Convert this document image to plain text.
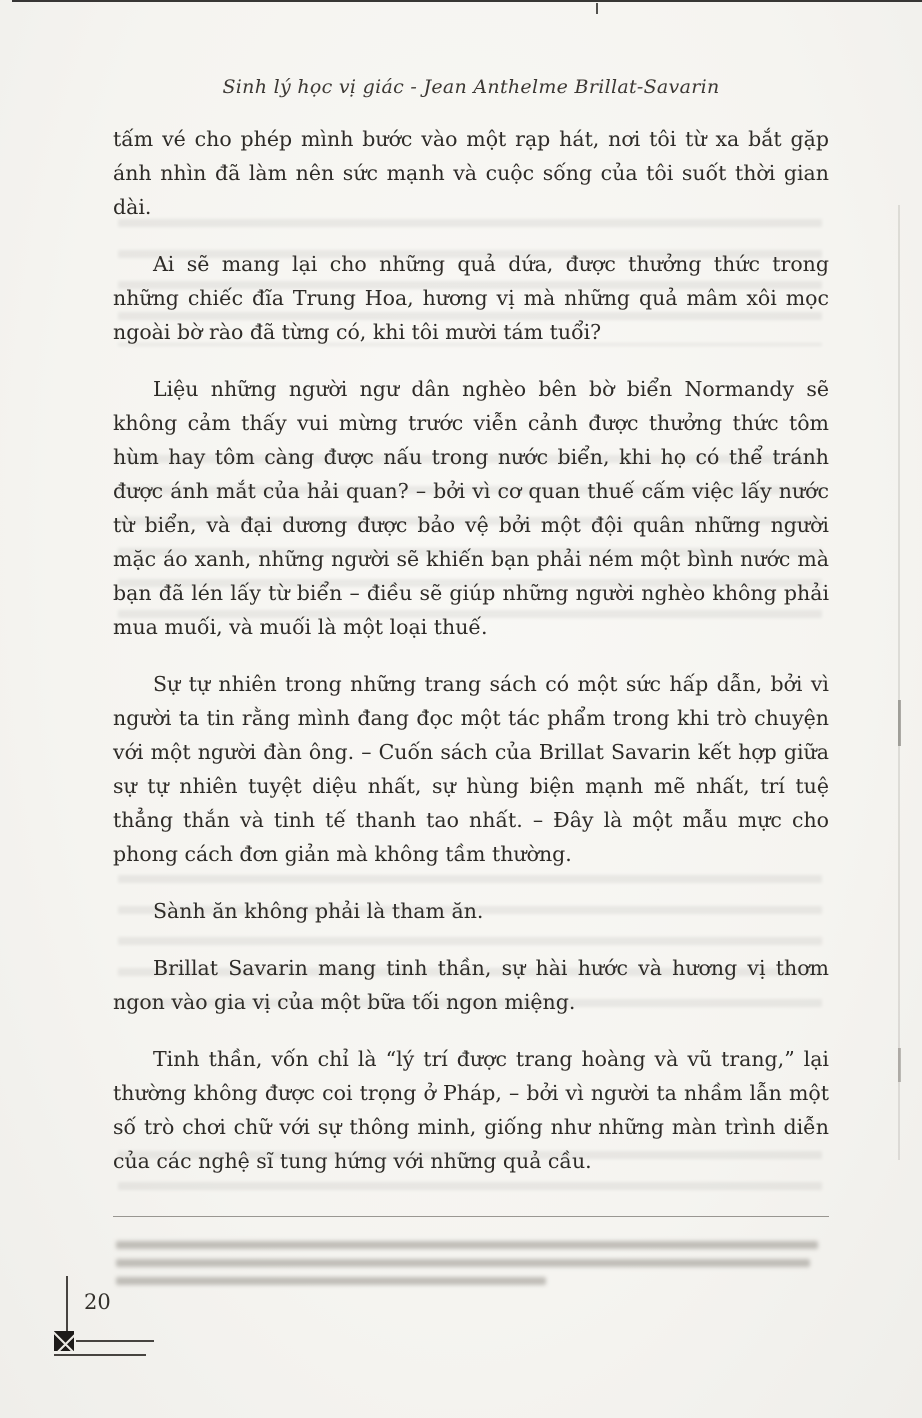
Sinh lý học vị giác - Jean Anthelme Brillat-Savarin

tấm vé cho phép mình bước vào một rạp hát, nơi tôi từ xa bắt gặp ánh nhìn đã làm nên sức mạnh và cuộc sống của tôi suốt thời gian dài.

Ai sẽ mang lại cho những quả dứa, được thưởng thức trong những chiếc đĩa Trung Hoa, hương vị mà những quả mâm xôi mọc ngoài bờ rào đã từng có, khi tôi mười tám tuổi?

Liệu những người ngư dân nghèo bên bờ biển Normandy sẽ không cảm thấy vui mừng trước viễn cảnh được thưởng thức tôm hùm hay tôm càng được nấu trong nước biển, khi họ có thể tránh được ánh mắt của hải quan? – bởi vì cơ quan thuế cấm việc lấy nước từ biển, và đại dương được bảo vệ bởi một đội quân những người mặc áo xanh, những người sẽ khiến bạn phải ném một bình nước mà bạn đã lén lấy từ biển – điều sẽ giúp những người nghèo không phải mua muối, và muối là một loại thuế.

Sự tự nhiên trong những trang sách có một sức hấp dẫn, bởi vì người ta tin rằng mình đang đọc một tác phẩm trong khi trò chuyện với một người đàn ông. – Cuốn sách của Brillat Savarin kết hợp giữa sự tự nhiên tuyệt diệu nhất, sự hùng biện mạnh mẽ nhất, trí tuệ thẳng thắn và tinh tế thanh tao nhất. – Đây là một mẫu mực cho phong cách đơn giản mà không tầm thường.

Sành ăn không phải là tham ăn.

Brillat Savarin mang tinh thần, sự hài hước và hương vị thơm ngon vào gia vị của một bữa tối ngon miệng.

Tinh thần, vốn chỉ là “lý trí được trang hoàng và vũ trang,” lại thường không được coi trọng ở Pháp, – bởi vì người ta nhầm lẫn một số trò chơi chữ với sự thông minh, giống như những màn trình diễn của các nghệ sĩ tung hứng với những quả cầu.

20
